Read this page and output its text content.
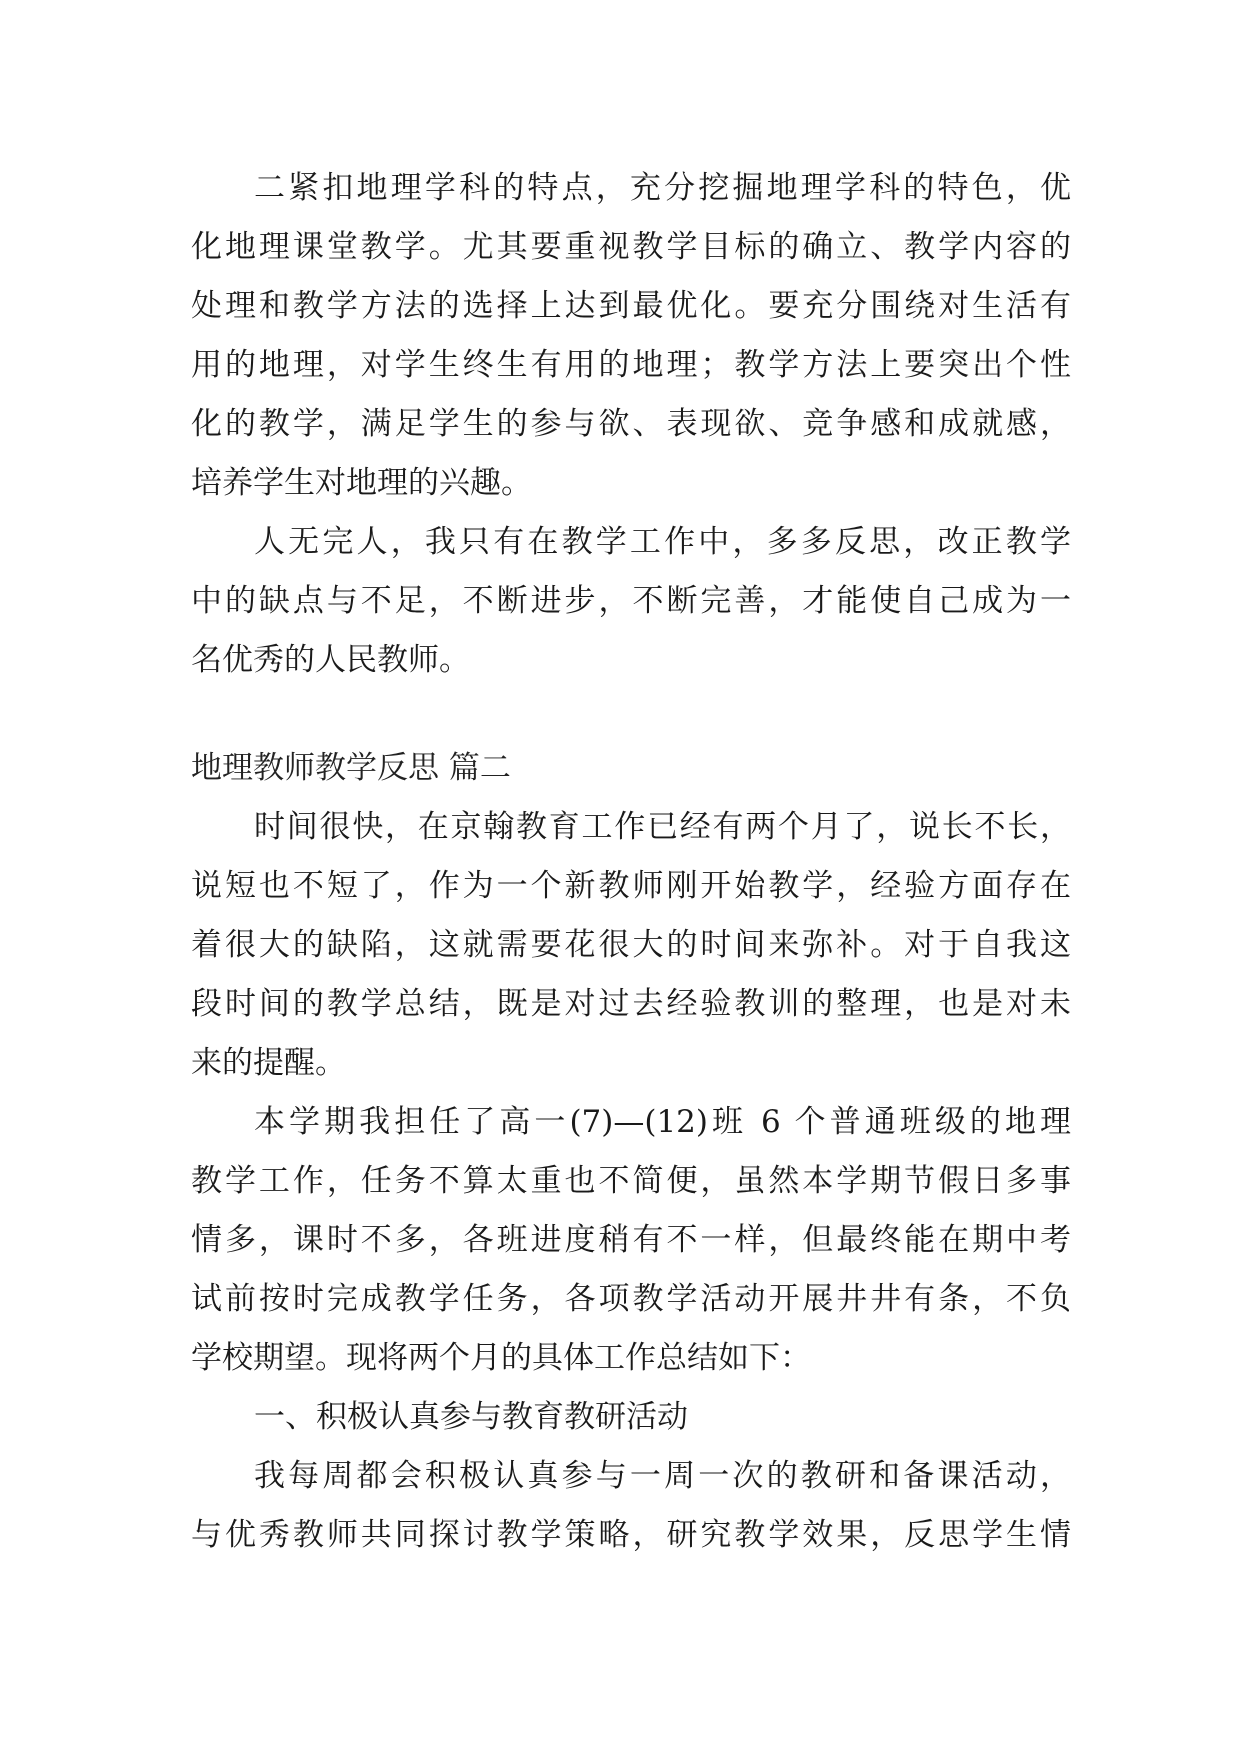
二紧扣地理学科的特点，充分挖掘地理学科的特色，优
化地理课堂教学。尤其要重视教学目标的确立、教学内容的
处理和教学方法的选择上达到最优化。要充分围绕对生活有
用的地理，对学生终生有用的地理；教学方法上要突出个性
化的教学，满足学生的参与欲、表现欲、竞争感和成就感，
培养学生对地理的兴趣。
人无完人，我只有在教学工作中，多多反思，改正教学
中的缺点与不足，不断进步，不断完善，才能使自己成为一
名优秀的人民教师。
地理教师教学反思 篇二
时间很快，在京翰教育工作已经有两个月了，说长不长，
说短也不短了，作为一个新教师刚开始教学，经验方面存在
着很大的缺陷，这就需要花很大的时间来弥补。对于自我这
段时间的教学总结，既是对过去经验教训的整理，也是对未
来的提醒。
本学期我担任了高一(7)—(12)班 6 个普通班级的地理
教学工作，任务不算太重也不简便，虽然本学期节假日多事
情多，课时不多，各班进度稍有不一样，但最终能在期中考
试前按时完成教学任务，各项教学活动开展井井有条，不负
学校期望。现将两个月的具体工作总结如下：
一、积极认真参与教育教研活动
我每周都会积极认真参与一周一次的教研和备课活动，
与优秀教师共同探讨教学策略，研究教学效果，反思学生情
